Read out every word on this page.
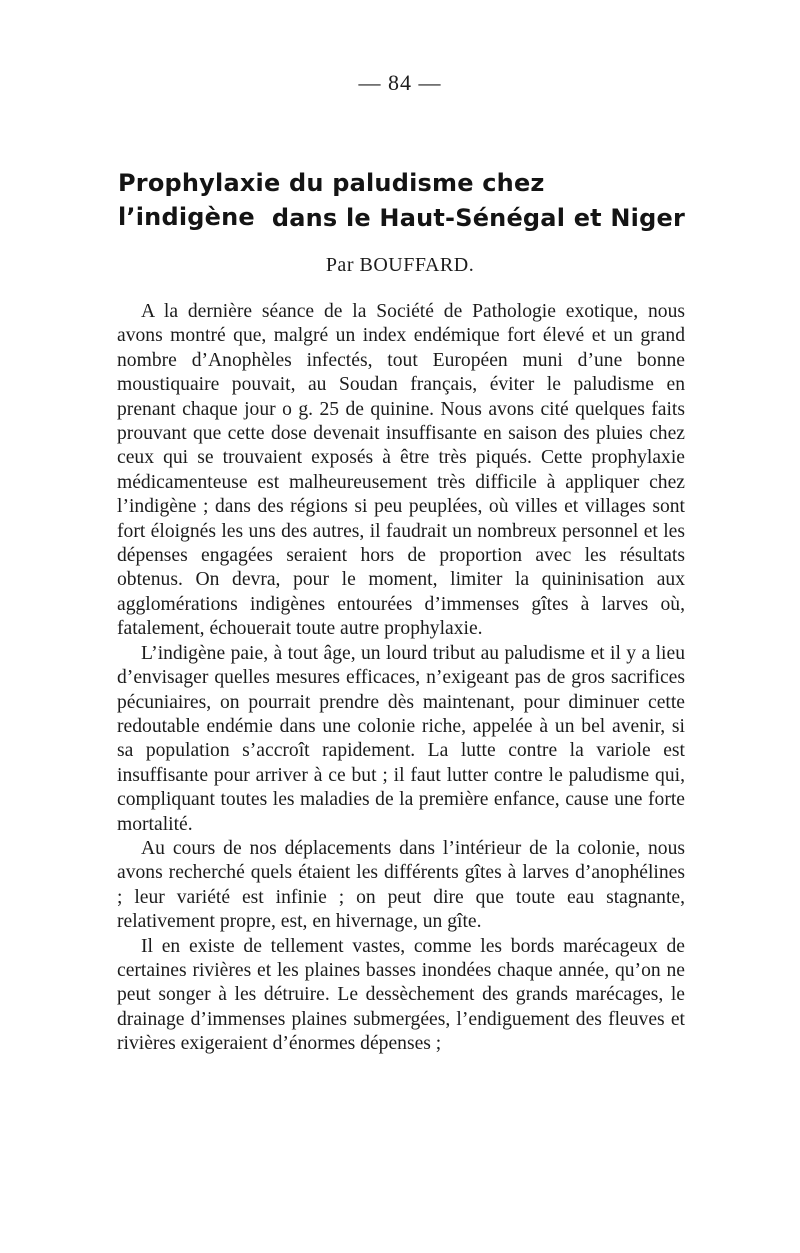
— 84 —
Prophylaxie du paludisme chez l’indigène dans le Haut-Sénégal et Niger
Par BOUFFARD.

A la dernière séance de la Société de Pathologie exotique, nous avons montré que, malgré un index endémique fort élevé et un grand nombre d’Anophèles infectés, tout Européen muni d’une bonne moustiquaire pouvait, au Soudan français, éviter le paludisme en prenant chaque jour o g. 25 de quinine. Nous avons cité quelques faits prouvant que cette dose devenait insuffisante en saison des pluies chez ceux qui se trouvaient exposés à être très piqués. Cette prophylaxie médicamenteuse est malheureusement très difficile à appliquer chez l’indigène ; dans des régions si peu peuplées, où villes et villages sont fort éloignés les uns des autres, il faudrait un nombreux personnel et les dépenses engagées seraient hors de proportion avec les résultats obtenus. On devra, pour le moment, limiter la quininisation aux agglomérations indigènes entourées d’immenses gîtes à larves où, fatalement, échouerait toute autre prophylaxie.

L’indigène paie, à tout âge, un lourd tribut au paludisme et il y a lieu d’envisager quelles mesures efficaces, n’exigeant pas de gros sacrifices pécuniaires, on pourrait prendre dès maintenant, pour diminuer cette redoutable endémie dans une colonie riche, appelée à un bel avenir, si sa population s’accroît rapidement. La lutte contre la variole est insuffisante pour arriver à ce but ; il faut lutter contre le paludisme qui, compliquant toutes les maladies de la première enfance, cause une forte mortalité.

Au cours de nos déplacements dans l’intérieur de la colonie, nous avons recherché quels étaient les différents gîtes à larves d’anophélines ; leur variété est infinie ; on peut dire que toute eau stagnante, relativement propre, est, en hivernage, un gîte.

Il en existe de tellement vastes, comme les bords marécageux de certaines rivières et les plaines basses inondées chaque année, qu’on ne peut songer à les détruire. Le dessèchement des grands marécages, le drainage d’immenses plaines submergées, l’endiguement des fleuves et rivières exigeraient d’énormes dépenses ;
